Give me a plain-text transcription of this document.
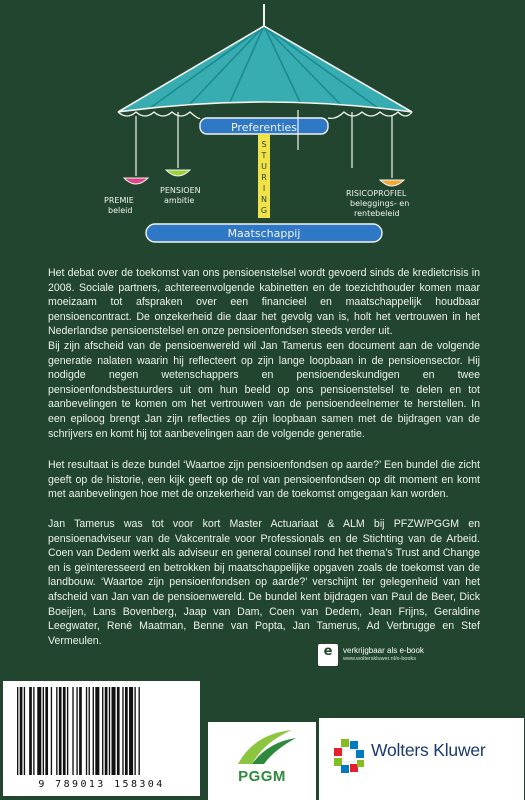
Preferenties
S
T
U
R
I
N
G
PREMIE
beleid
PENSIOEN
ambitie
RISICOPROFIEL
beleggings- en
rentebeleid
Maatschappij

Het debat over de toekomst van ons pensioenstelsel wordt gevoerd sinds de kredietcrisis in 2008. Sociale partners, achtereenvolgende kabinetten en de toezichthouder komen maar moeizaam tot afspraken over een financieel en maatschappelijk houdbaar pensioencontract. De onzekerheid die daar het gevolg van is, holt het vertrouwen in het Nederlandse pensioenstelsel en onze pensioenfondsen steeds verder uit.

Bij zijn afscheid van de pensioenwereld wil Jan Tamerus een document aan de volgende generatie nalaten waarin hij reflecteert op zijn lange loopbaan in de pensioensector. Hij nodigde negen wetenschappers en pensioendeskundigen en twee pensioenfondsbestuurders uit om hun beeld op ons pensioenstelsel te delen en tot aanbevelingen te komen om het vertrouwen van de pensioendeelnemer te herstellen. In een epiloog brengt Jan zijn reflecties op zijn loopbaan samen met de bijdragen van de schrijvers en komt hij tot aanbevelingen aan de volgende generatie.

Het resultaat is deze bundel ‘Waartoe zijn pensioenfondsen op aarde?’ Een bundel die zicht geeft op de historie, een kijk geeft op de rol van pensioenfondsen op dit moment en komt met aanbevelingen hoe met de onzekerheid van de toekomst omgegaan kan worden.

Jan Tamerus was tot voor kort Master Actuariaat & ALM bij PFZW/PGGM en pensioenadviseur van de Vakcentrale voor Professionals en de Stichting van de Arbeid. Coen van Dedem werkt als adviseur en general counsel rond het thema’s Trust and Change en is geïnteresseerd en betrokken bij maatschappelijke opgaven zoals de toekomst van de landbouw. ‘Waartoe zijn pensioenfondsen op aarde?’ verschijnt ter gelegenheid van het afscheid van Jan van de pensioenwereld. De bundel kent bijdragen van Paul de Beer, Dick Boeijen, Lans Bovenberg, Jaap van Dam, Coen van Dedem, Jean Frijns, Geraldine Leegwater, René Maatman, Benne van Popta, Jan Tamerus, Ad Verbrugge en Stef Vermeulen.

e	verkrijgbaar als e-book
www.wolterskluwer.nl/e-books
9 789013 158304	PGGM
Wolters Kluwer
